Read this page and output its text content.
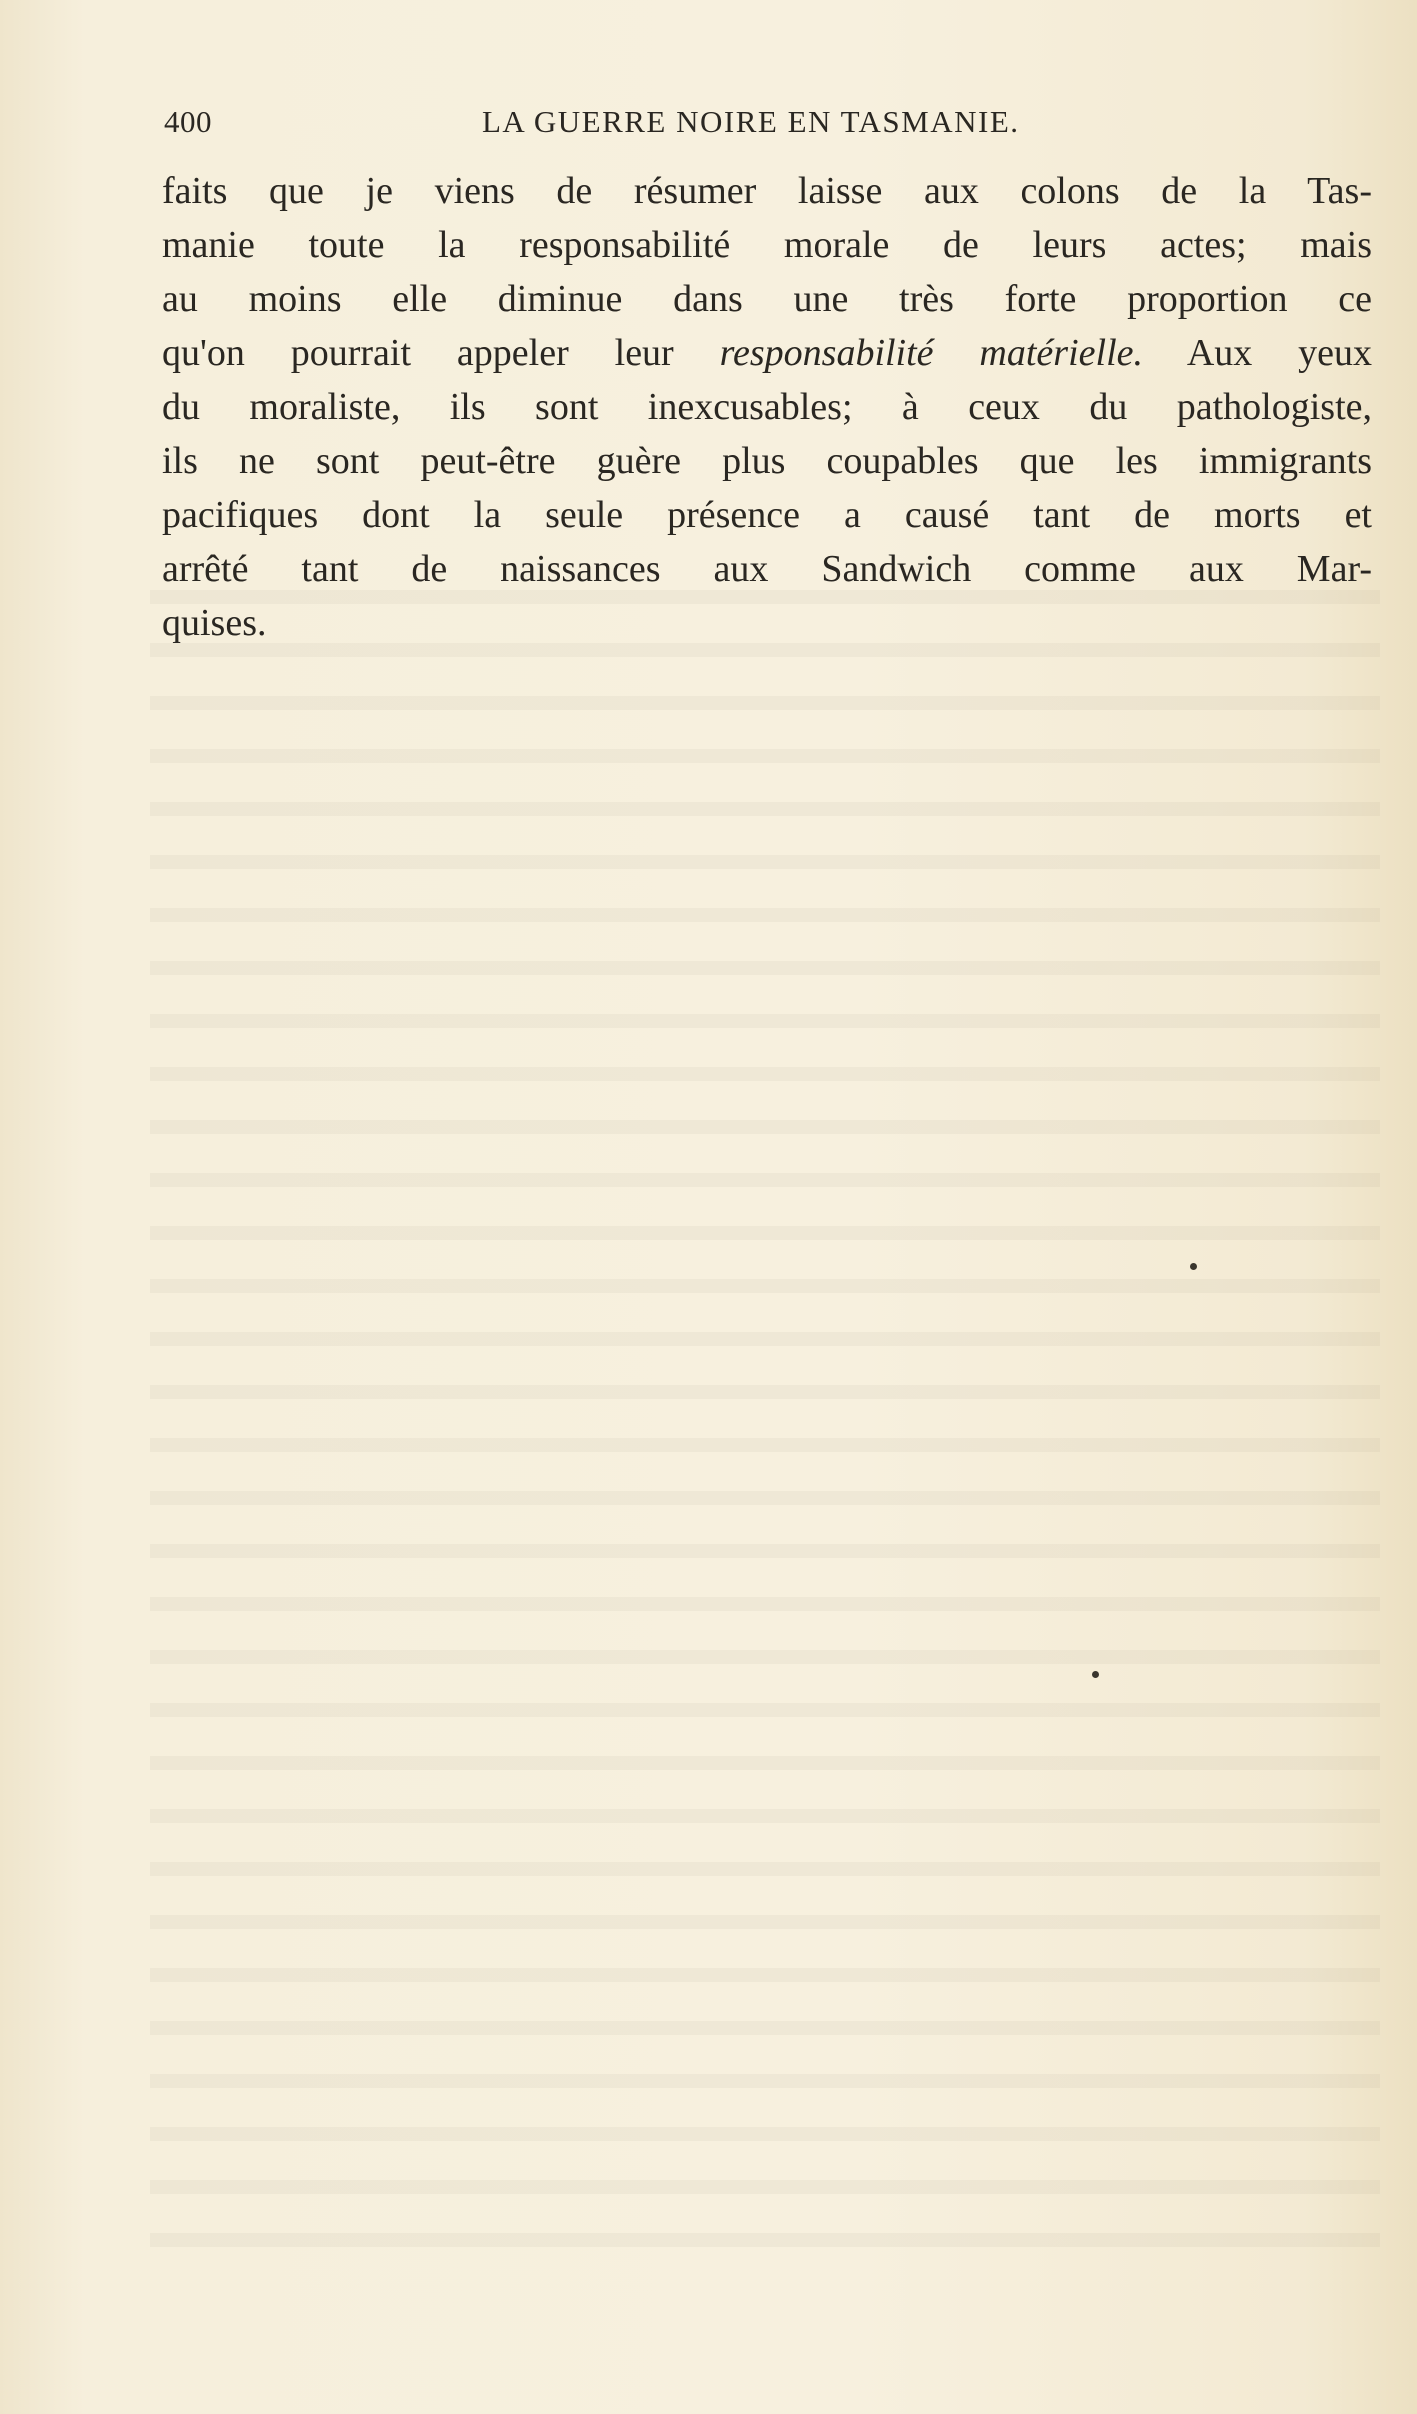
400	LA GUERRE NOIRE EN TASMANIE.
faits que je viens de résumer laisse aux colons de la Tas-
manie toute la responsabilité morale de leurs actes; mais
au moins elle diminue dans une très forte proportion ce
qu'on pourrait appeler leur responsabilité matérielle. Aux yeux
du moraliste, ils sont inexcusables; à ceux du pathologiste,
ils ne sont peut-être guère plus coupables que les immigrants
pacifiques dont la seule présence a causé tant de morts et
arrêté tant de naissances aux Sandwich comme aux Mar-
quises.
